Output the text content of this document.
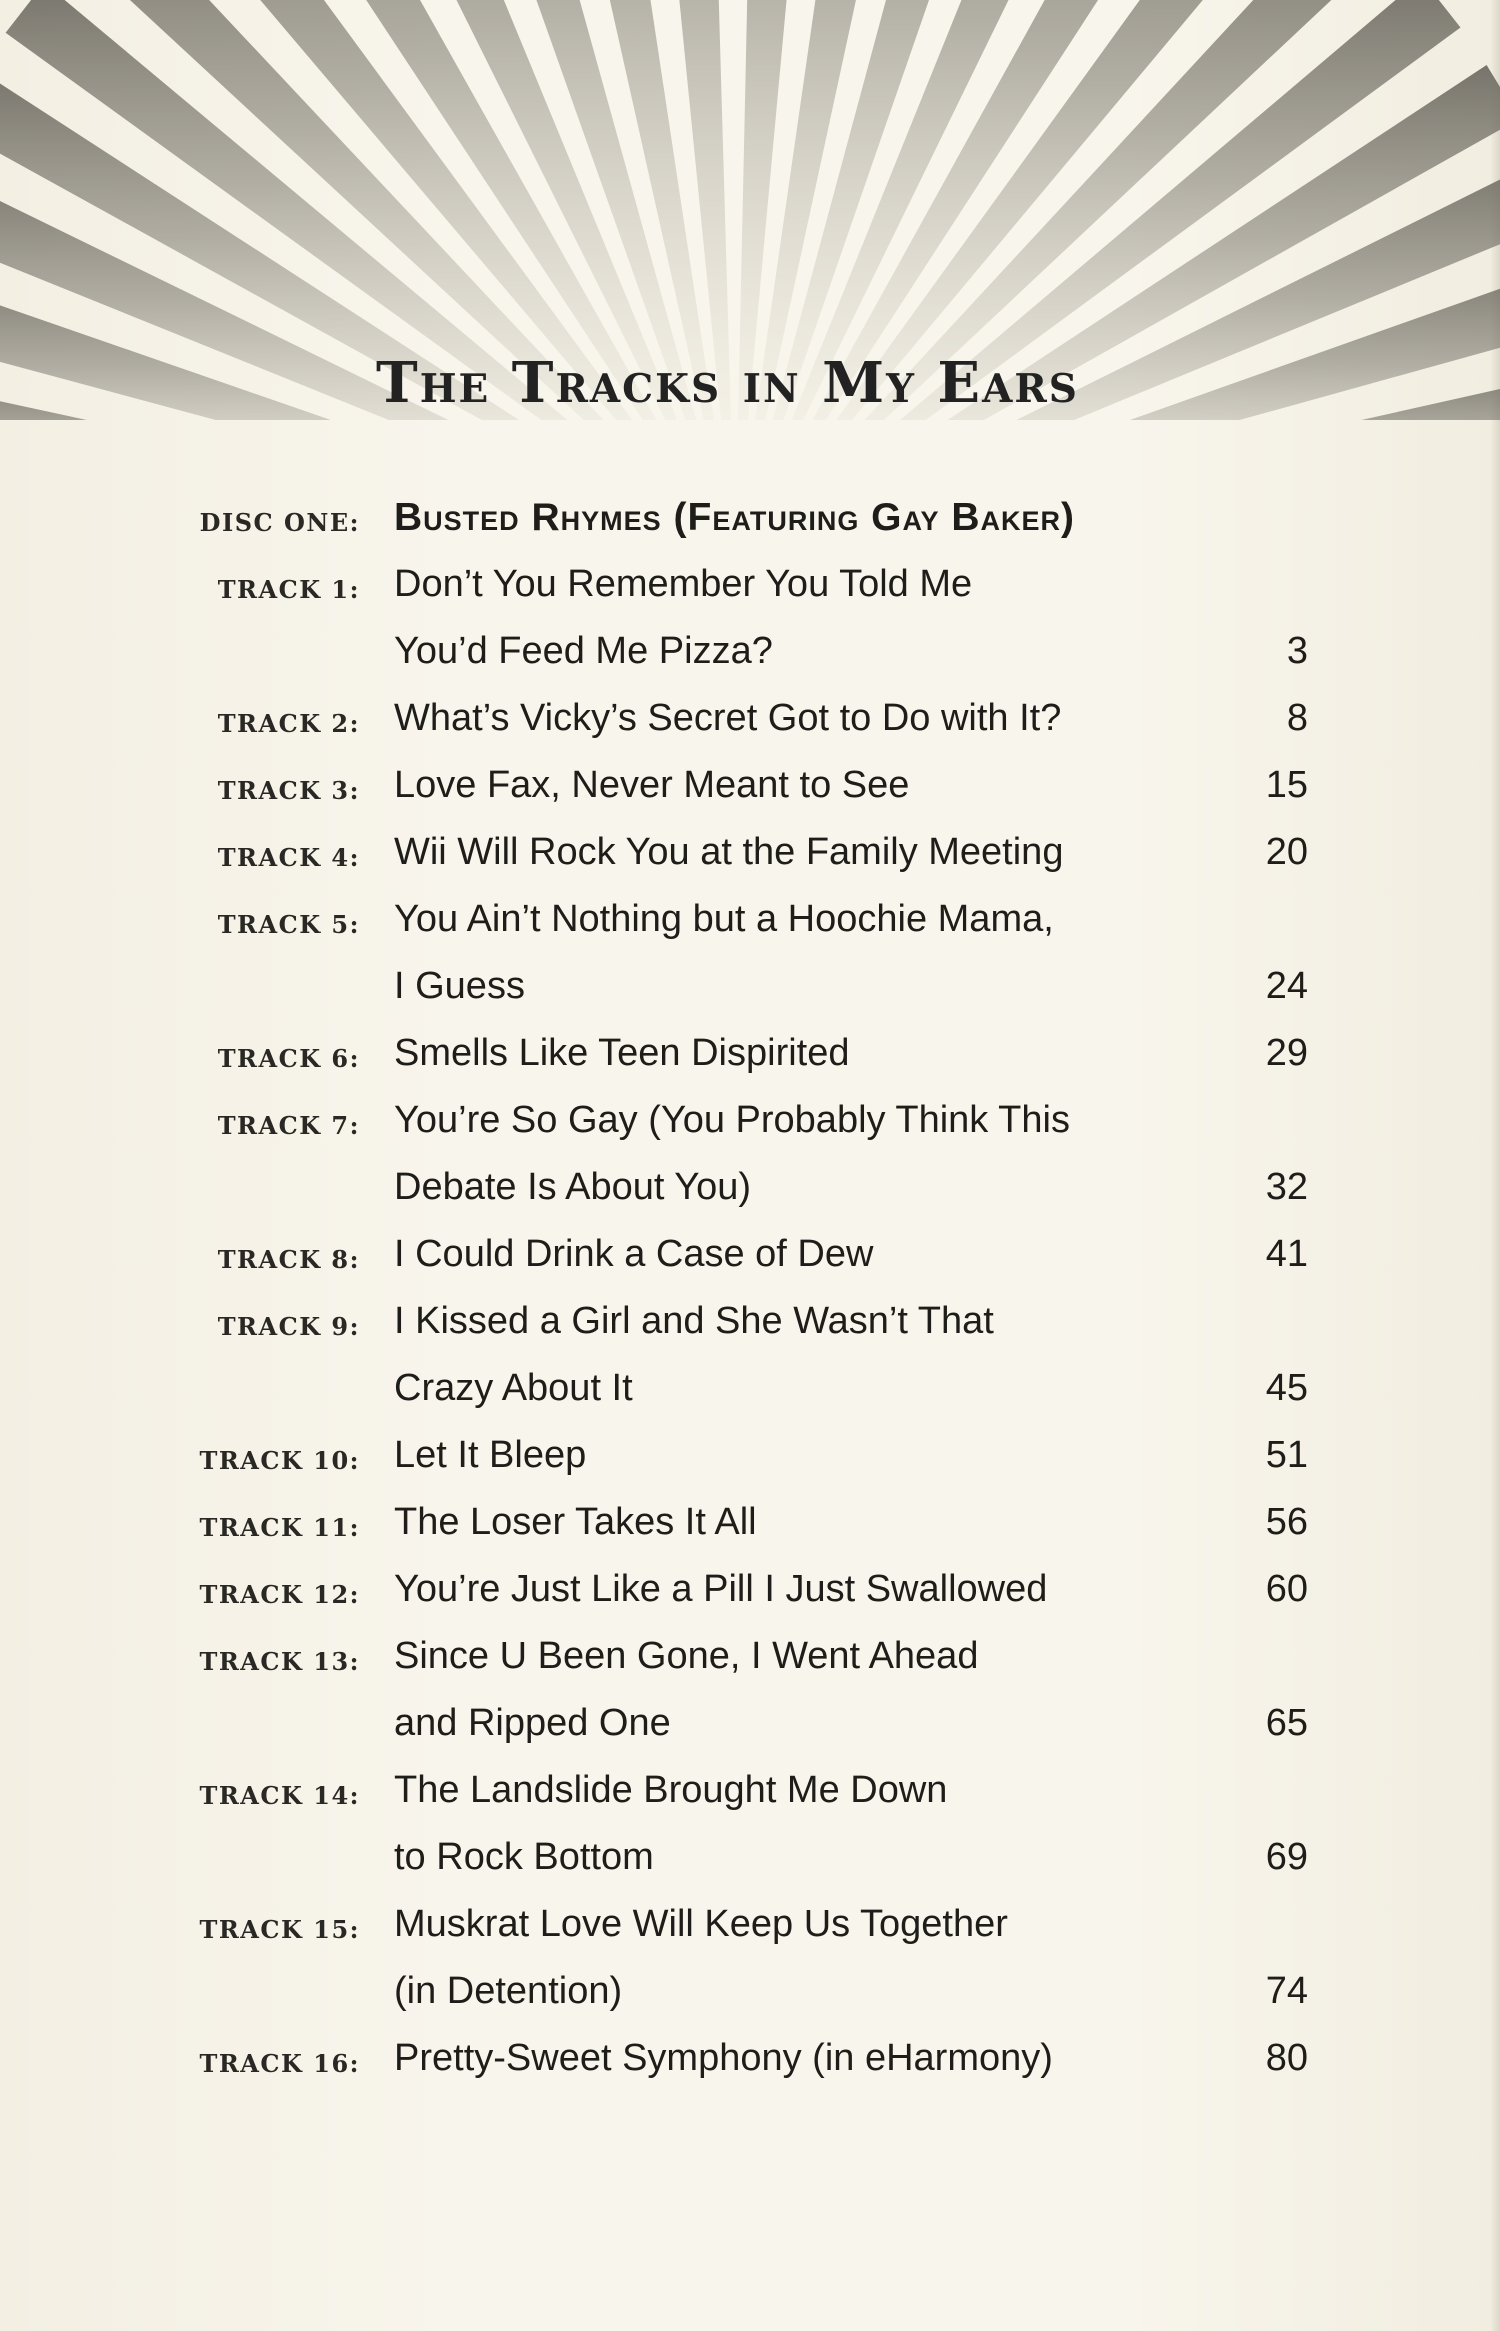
The Tracks in My Ears
DISC ONE: Busted Rhymes (Featuring Gay Baker)
TRACK 1: Don’t You Remember You Told Me
You’d Feed Me Pizza?	3
TRACK 2: What’s Vicky’s Secret Got to Do with It?	8
TRACK 3: Love Fax, Never Meant to See	15
TRACK 4: Wii Will Rock You at the Family Meeting	20
TRACK 5: You Ain’t Nothing but a Hoochie Mama,
I Guess	24
TRACK 6: Smells Like Teen Dispirited	29
TRACK 7: You’re So Gay (You Probably Think This
Debate Is About You)	32
TRACK 8: I Could Drink a Case of Dew	41
TRACK 9: I Kissed a Girl and She Wasn’t That
Crazy About It	45
TRACK 10: Let It Bleep	51
TRACK 11: The Loser Takes It All	56
TRACK 12: You’re Just Like a Pill I Just Swallowed	60
TRACK 13: Since U Been Gone, I Went Ahead
and Ripped One	65
TRACK 14: The Landslide Brought Me Down
to Rock Bottom	69
TRACK 15: Muskrat Love Will Keep Us Together
(in Detention)	74
TRACK 16: Pretty-Sweet Symphony (in eHarmony)	80
